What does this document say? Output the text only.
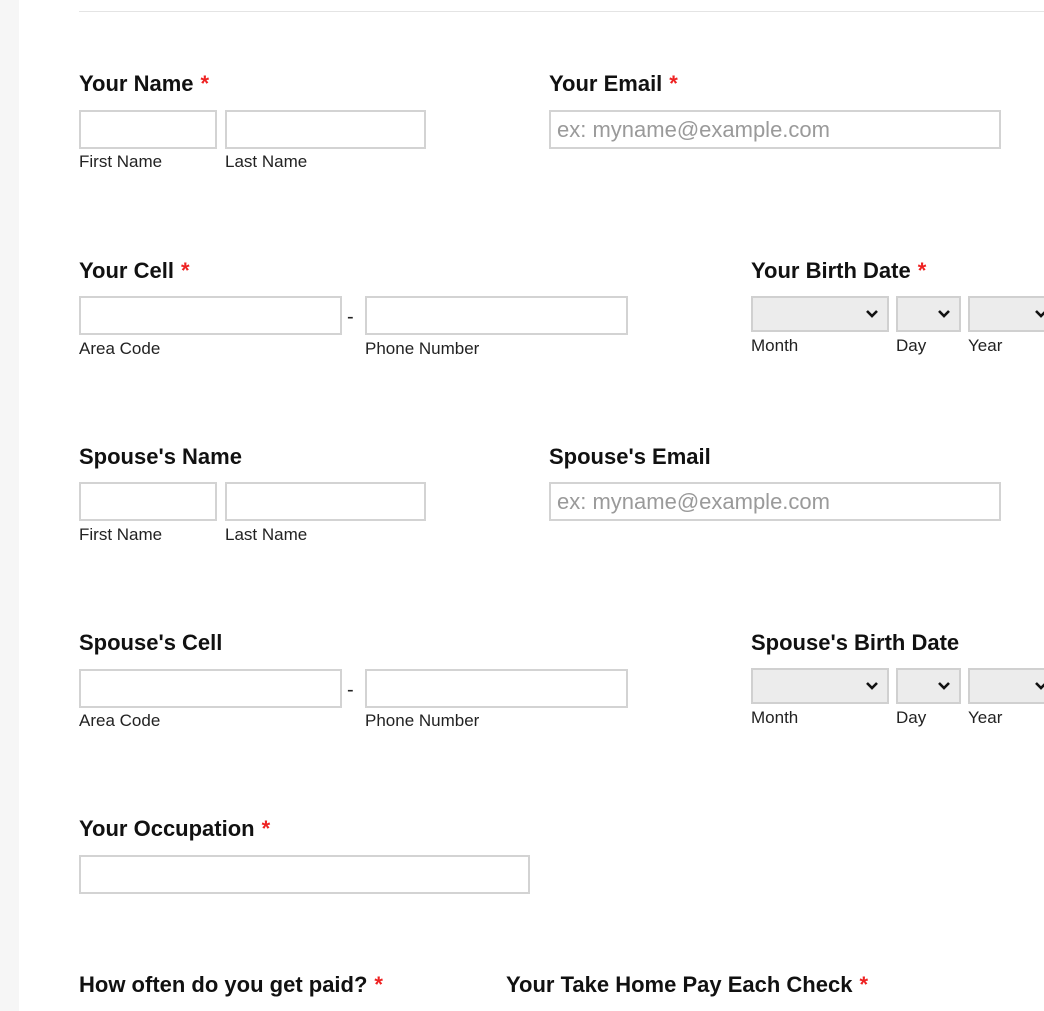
Your Name *
First Name	Last Name
Your Email *
ex: myname@example.com
Your Cell *
-
Area Code	Phone Number
Your Birth Date *
Month	Day Year
Spouse's Name
First Name	Last Name
Spouse's Email
ex: myname@example.com
Spouse's Cell
-
Area Code	Phone Number
Spouse's Birth Date
Month	Day Year
Your Occupation *
How often do you get paid? *	Your Take Home Pay Each Check *
